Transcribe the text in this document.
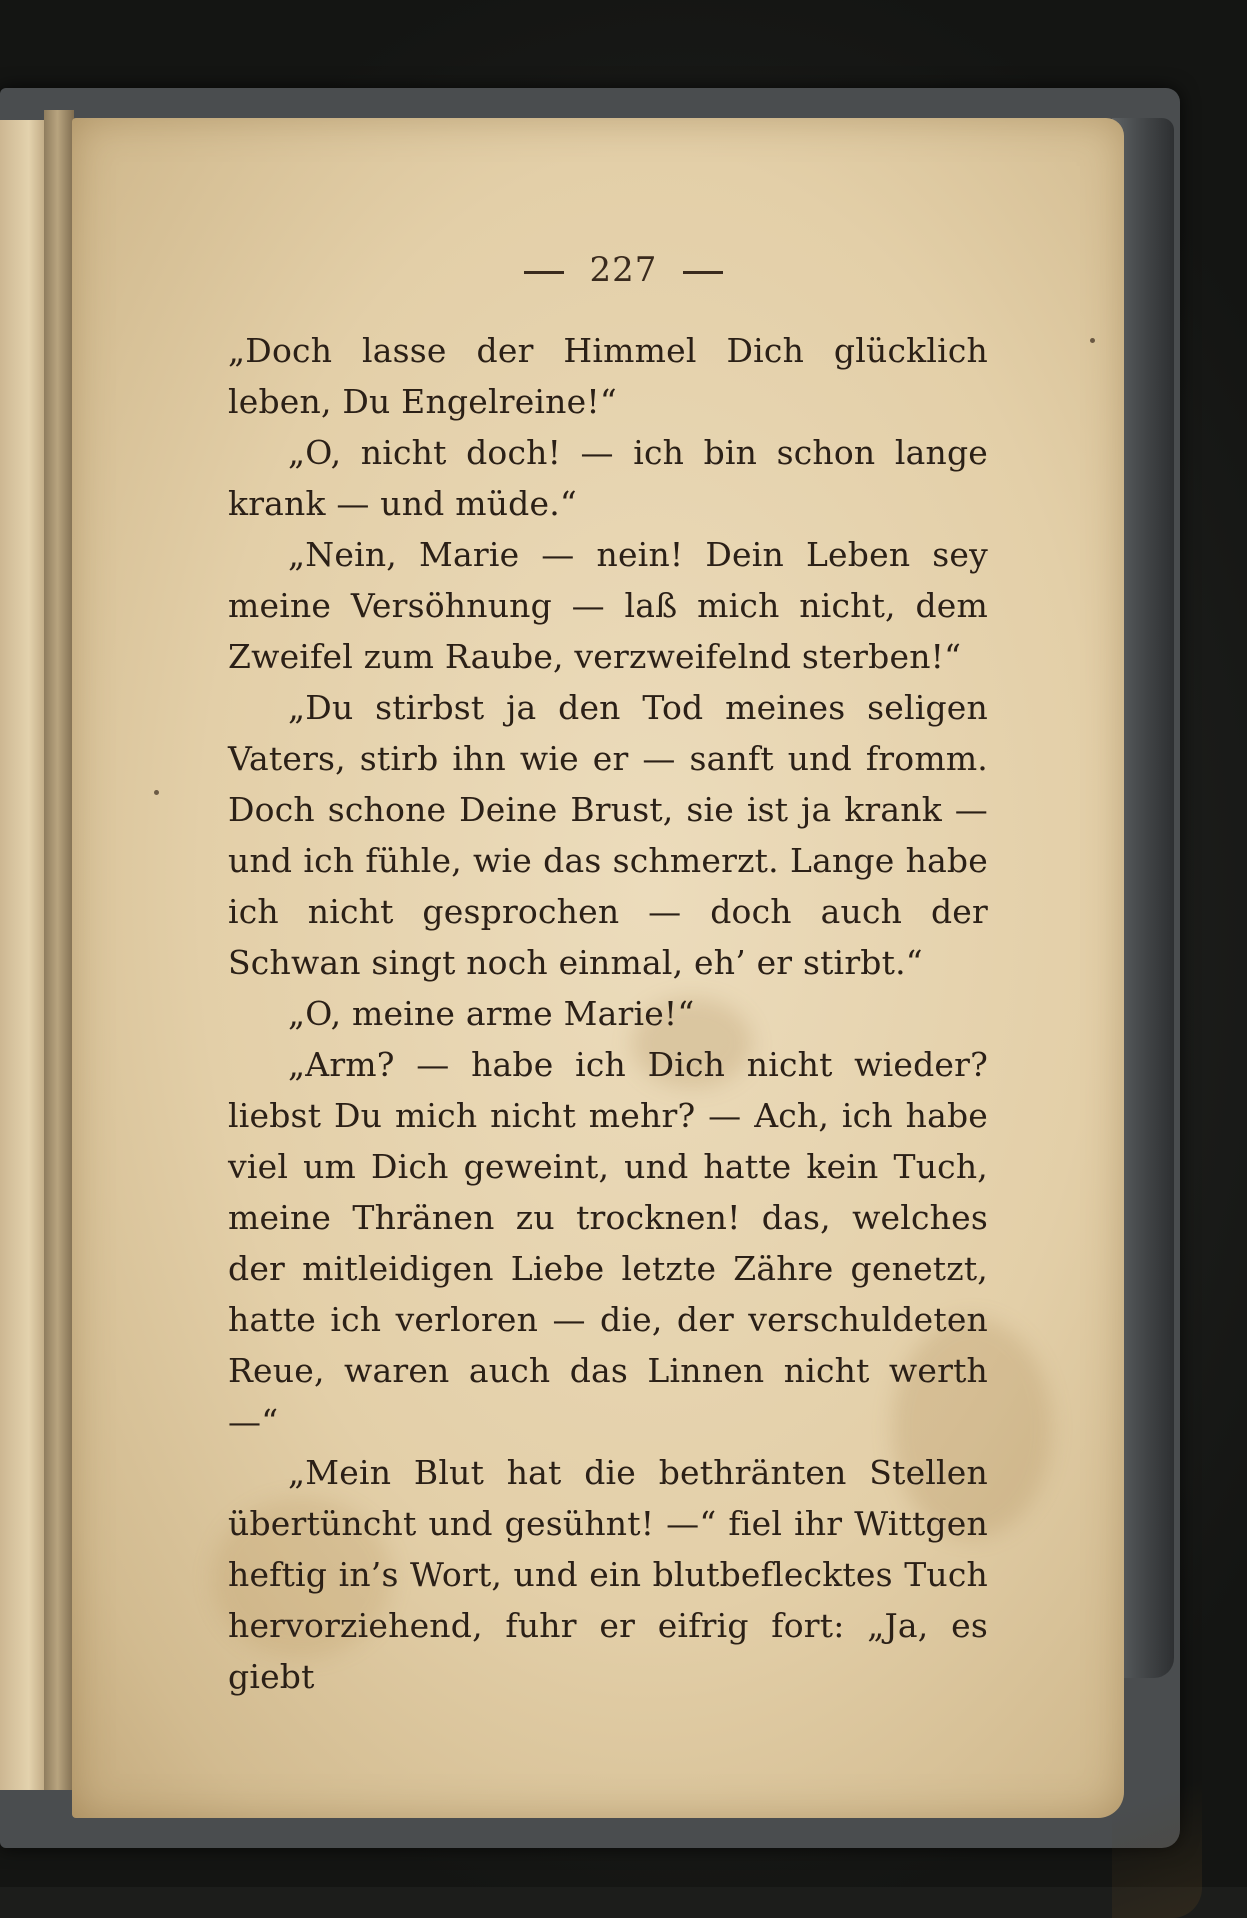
227

„Doch lasse der Himmel Dich glücklich leben, Du Engelreine!“

„O, nicht doch! — ich bin schon lange krank — und müde.“

„Nein, Marie — nein! Dein Leben sey meine Versöhnung — laß mich nicht, dem Zweifel zum Raube, verzweifelnd sterben!“

„Du stirbst ja den Tod meines seligen Vaters, stirb ihn wie er — sanft und fromm. Doch schone Deine Brust, sie ist ja krank — und ich fühle, wie das schmerzt. Lange habe ich nicht gesprochen — doch auch der Schwan singt noch einmal, eh’ er stirbt.“

„O, meine arme Marie!“

„Arm? — habe ich Dich nicht wieder? liebst Du mich nicht mehr? — Ach, ich habe viel um Dich geweint, und hatte kein Tuch, meine Thränen zu trocknen! das, welches der mitleidigen Liebe letzte Zähre genetzt, hatte ich verloren — die, der verschuldeten Reue, waren auch das Linnen nicht werth —“

„Mein Blut hat die bethränten Stellen übertüncht und gesühnt! —“ fiel ihr Wittgen heftig in’s Wort, und ein blutbeflecktes Tuch hervorziehend, fuhr er eifrig fort: „Ja, es giebt
